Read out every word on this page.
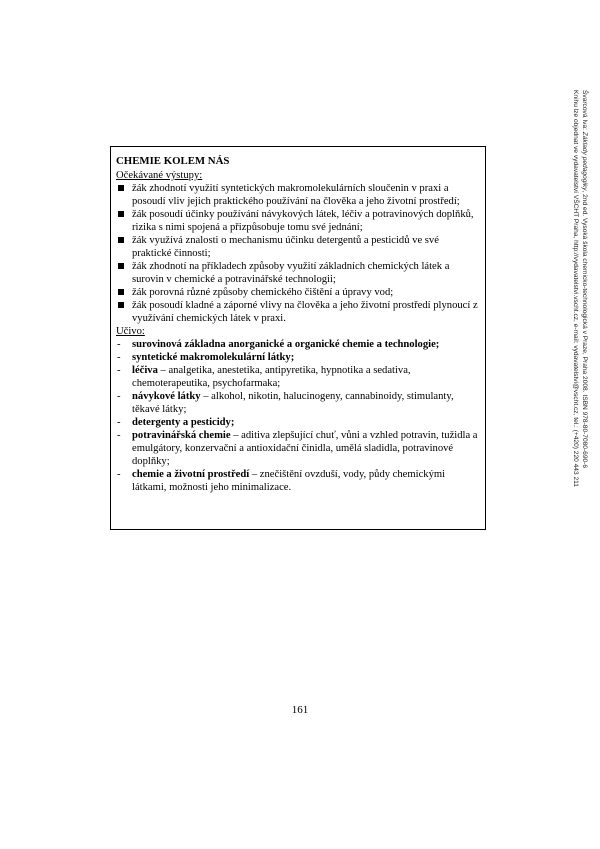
CHEMIE KOLEM NÁS
Očekávané výstupy:
žák zhodnotí využití syntetických makromolekulárních sloučenin v praxi a posoudí vliv jejich praktického používání na člověka a jeho životní prostředí;
žák posoudí účinky používání návykových látek, léčiv a potravinových doplňků, rizika s nimi spojená a přizpůsobuje tomu své jednání;
žák využívá znalosti o mechanismu účinku detergentů a pesticidů ve své praktické činnosti;
žák zhodnotí na příkladech způsoby využití základních chemických látek a surovin v chemické a potravinářské technologii;
žák porovná různé způsoby chemického čištění a úpravy vod;
žák posoudí kladné a záporné vlivy na člověka a jeho životní prostředí plynoucí z využívání chemických látek v praxi.
Učivo:
- surovinová základna anorganické a organické chemie a technologie;
- syntetické makromolekulární látky;
- léčiva – analgetika, anestetika, antipyretika, hypnotika a sedativa, chemoterapeutika, psychofarmaka;
- návykové látky – alkohol, nikotin, halucinogeny, cannabinoidy, stimulanty, těkavé látky;
- detergenty a pesticidy;
- potravinářská chemie – aditiva zlepšující chuť, vůni a vzhled potravin, tužidla a emulgátory, konzervační a antioxidační činidla, umělá sladidla, potravinové doplňky;
- chemie a životní prostředí – znečištění ovzduší, vody, půdy chemickými látkami, možnosti jeho minimalizace.
161
Švarcová Iva: Základy pedagogiky, 2nd ed. Vysoká škola chemicko-technologická v Praze, Praha 2008. ISBN 978-80-7080-690-6
Knihu lze objednat ve vydavatelství VŠCHT Praha, http://vydavatelstvi.vscht.cz, e-mail: vydavatelstvi@vscht.cz, tel.: (+420) 220 443 211
